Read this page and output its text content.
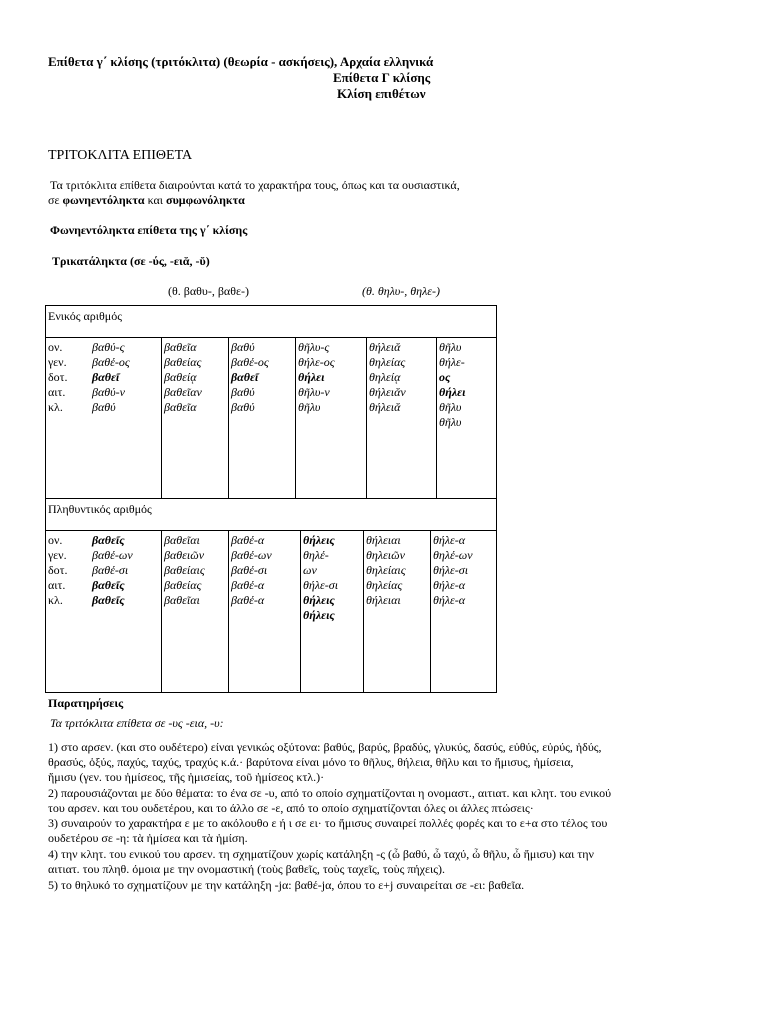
Επίθετα γ΄ κλίσης (τριτόκλιτα) (θεωρία - ασκήσεις), Αρχαία ελληνικά
Επίθετα Γ κλίσης
Κλίση επιθέτων
ΤΡΙΤΟΚΛΙΤΑ ΕΠΙΘΕΤΑ
Τα τριτόκλιτα επίθετα διαιρούνται κατά το χαρακτήρα τους, όπως και τα ουσιαστικά,
σε φωνηεντόληκτα και συμφωνόληκτα
Φωνηεντόληκτα επίθετα της γ΄ κλίσης
Τρικατάληκτα (σε -ύς, -ειᾰ, -ῠ)
(θ. βαθυ-, βαθε-)	(θ. θηλυ-, θηλε-)
Ενικός αριθμός
ον.
γεν.
δοτ.
αιτ.
κλ.
βαθύ-ς
βαθέ-ος
βαθεῖ
βαθύ-ν
βαθύ
βαθεῖα
βαθείας
βαθείᾳ
βαθεῖαν
βαθεῖα
βαθύ
βαθέ-ος
βαθεῖ
βαθύ
βαθύ
θῆλυ-ς
θήλε-ος
θήλει
θῆλυ-ν
θῆλυ
θήλειᾰ
θηλείας
θηλείᾳ
θήλειᾰν
θήλειᾰ
θῆλυ
θήλε-
ος
θήλει
θῆλυ
θῆλυ
Πληθυντικός αριθμός
ον.
γεν.
δοτ.
αιτ.
κλ.
βαθεῖς
βαθέ-ων
βαθέ-σι
βαθεῖς
βαθεῖς
βαθεῖαι
βαθειῶν
βαθείαις
βαθείας
βαθεῖαι
βαθέ-α
βαθέ-ων
βαθέ-σι
βαθέ-α
βαθέ-α
θήλεις
θηλέ-
ων
θήλε-σι
θήλεις
θήλεις
θήλειαι
θηλειῶν
θηλείαις
θηλείας
θήλειαι
θήλε-α
θηλέ-ων
θήλε-σι
θήλε-α
θήλε-α
Παρατηρήσεις
Τα τριτόκλιτα επίθετα σε -υς -εια, -υ:
1) στο αρσεν. (και στο ουδέτερο) είναι γενικώς οξύτονα: βαθύς, βαρύς, βραδύς, γλυκύς, δασύς, εὐθύς, εὐρύς, ἡδύς,
θρασύς, ὀξύς, παχύς, ταχύς, τραχύς κ.ά.· βαρύτονα είναι μόνο το θῆλυς, θήλεια, θῆλυ και το ἥμισυς, ἡμίσεια,
ἥμισυ (γεν. του ἡμίσεος, τῆς ἡμισείας, τοῦ ἡμίσεος κτλ.)·
2) παρουσιάζονται με δύο θέματα: το ένα σε -υ, από το οποίο σχηματίζονται η ονομαστ., αιτιατ. και κλητ. του ενικού
του αρσεν. και του ουδετέρου, και το άλλο σε -ε, από το οποίο σχηματίζονται όλες οι άλλες πτώσεις·
3) συναιρούν το χαρακτήρα ε με το ακόλουθο ε ή ι σε ει· το ἥμισυς συναιρεί πολλές φορές και το ε+α στο τέλος του
ουδετέρου σε -η: τὰ ἡμίσεα και τὰ ἡμίση.
4) την κλητ. του ενικού του αρσεν. τη σχηματίζουν χωρίς κατάληξη -ς (ὦ βαθύ, ὦ ταχύ, ὦ θῆλυ, ὦ ἥμισυ) και την
αιτιατ. του πληθ. όμοια με την ονομαστική (τοὺς βαθεῖς, τοὺς ταχεῖς, τοὺς πήχεις).
5) το θηλυκό το σχηματίζουν με την κατάληξη -jα: βαθέ-jα, όπου το ε+j συναιρείται σε -ει: βαθεῖα.
